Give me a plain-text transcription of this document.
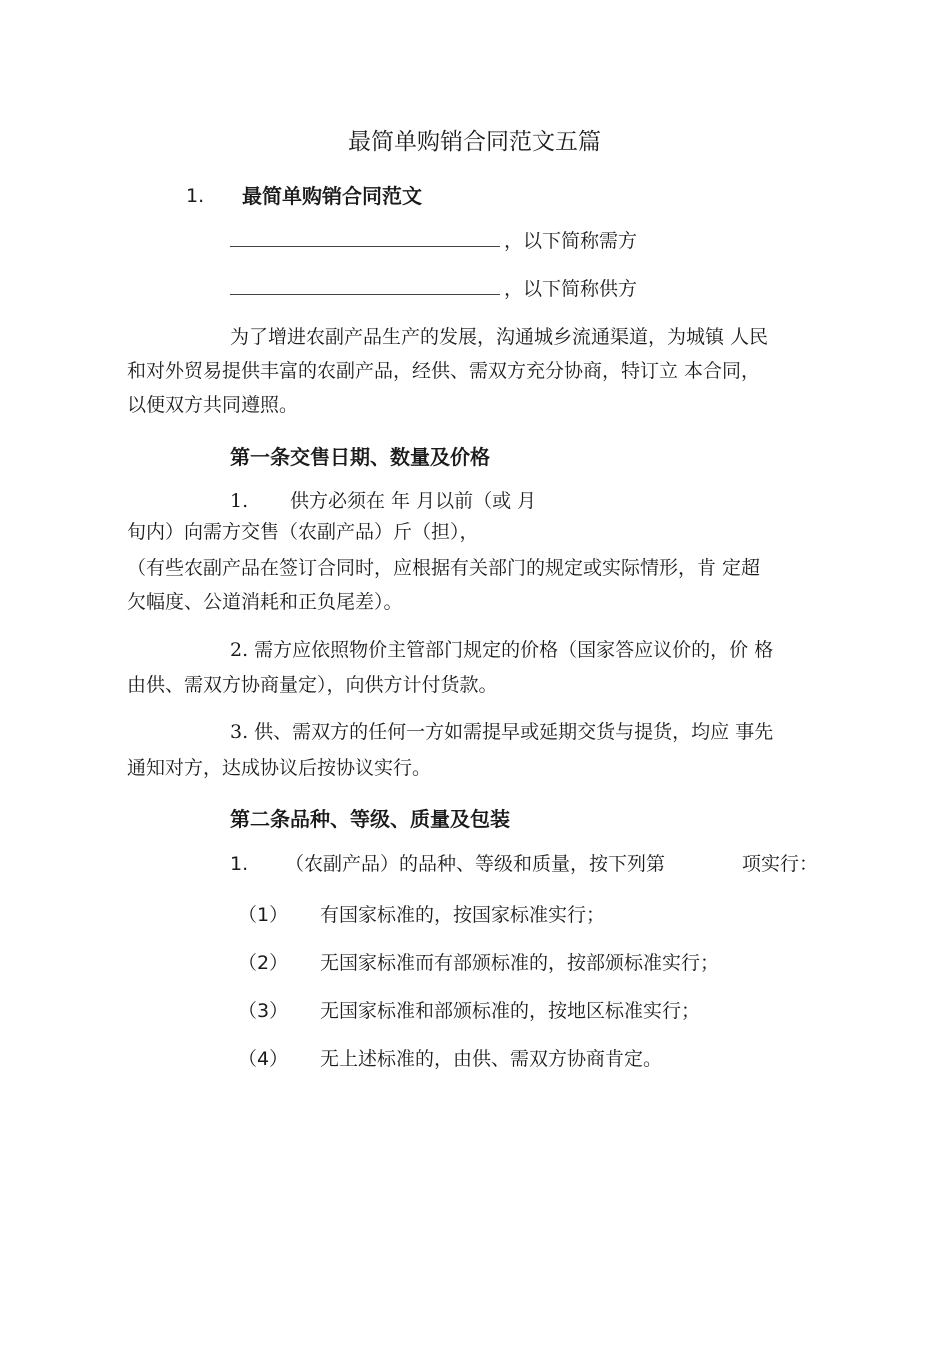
最简单购销合同范文五篇
1. 最简单购销合同范文
，以下简称需方
，以下简称供方
为了增进农副产品生产的发展，沟通城乡流通渠道，为城镇 人民
和对外贸易提供丰富的农副产品，经供、需双方充分协商，特订立 本合同，
以便双方共同遵照。
第一条交售日期、数量及价格
1. 供方必须在 年 月以前（或 月
旬内）向需方交售（农副产品）斤（担），
（有些农副产品在签订合同时，应根据有关部门的规定或实际情形，肯 定超
欠幅度、公道消耗和正负尾差）。
2. 需方应依照物价主管部门规定的价格（国家答应议价的，价 格
由供、需双方协商量定），向供方计付货款。
3. 供、需双方的任何一方如需提早或延期交货与提货，均应 事先
通知对方，达成协议后按协议实行。
第二条品种、等级、质量及包装
1. （农副产品）的品种、等级和质量，按下列第	项实行：
（1） 有国家标准的，按国家标准实行；
（2） 无国家标准而有部颁标准的，按部颁标准实行；
（3） 无国家标准和部颁标准的，按地区标准实行；
（4） 无上述标准的，由供、需双方协商肯定。
